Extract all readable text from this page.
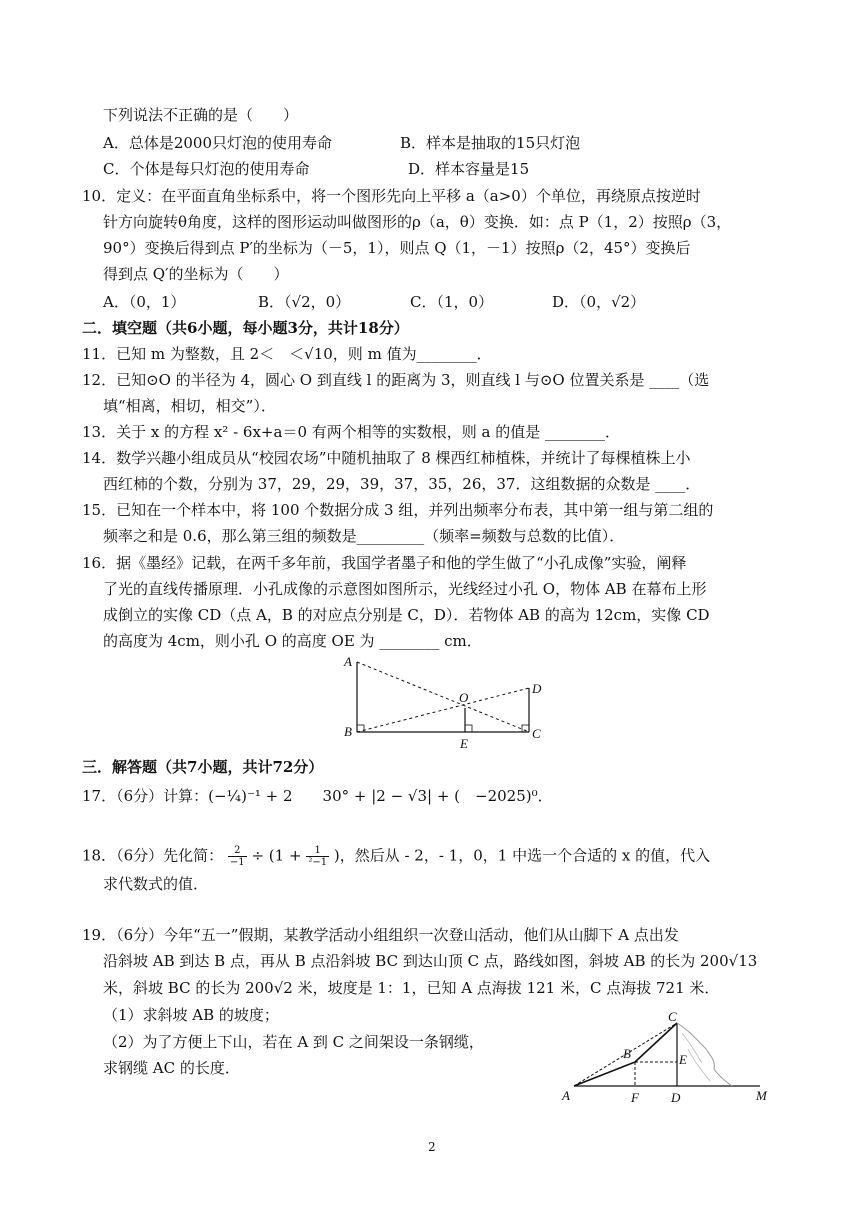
下列说法不正确的是（　　）
A．总体是2000只灯泡的使用寿命	B．样本是抽取的15只灯泡
C．个体是每只灯泡的使用寿命	D．样本容量是15
10．定义：在平面直角坐标系中，将一个图形先向上平移 a（a>0）个单位，再绕原点按逆时
针方向旋转θ角度，这样的图形运动叫做图形的ρ（a，θ）变换．如：点 P（1，2）按照ρ（3，
90°）变换后得到点 P′的坐标为（－5，1），则点 Q（1，－1）按照ρ（2，45°）变换后
得到点 Q′的坐标为（　　）
A．（0，1）	B．（√2，0）	C．（1，0）	D．（0，√2）
二．填空题（共6小题，每小题3分，共计18分）
11．已知 m 为整数，且 2＜　＜√10，则 m 值为________．
12．已知⊙O 的半径为 4，圆心 O 到直线 l 的距离为 3，则直线 l 与⊙O 位置关系是 ____（选
填“相离，相切，相交”）．
13．关于 x 的方程 x² - 6x+a＝0 有两个相等的实数根，则 a 的值是 ________．
14．数学兴趣小组成员从“校园农场”中随机抽取了 8 棵西红柿植株，并统计了每棵植株上小
西红柿的个数，分别为 37，29，29，39，37，35，26，37．这组数据的众数是 ____．
15．已知在一个样本中，将 100 个数据分成 3 组，并列出频率分布表，其中第一组与第二组的
频率之和是 0.6，那么第三组的频数是_________（频率=频数与总数的比值）．
16．据《墨经》记载，在两千多年前，我国学者墨子和他的学生做了“小孔成像”实验，阐释
了光的直线传播原理．小孔成像的示意图如图所示，光线经过小孔 O，物体 AB 在幕布上形
成倒立的实像 CD（点 A，B 的对应点分别是 C，D）．若物体 AB 的高为 12cm，实像 CD
的高度为 4cm，则小孔 O 的高度 OE 为 ________ cm．
A
B	C
D
E
O
三．解答题（共7小题，共计72分）
17．（6分）计算：(−¼)⁻¹ + 2　　30° + |2 − √3| + (　−2025)⁰．
18．（6分）先化简： $\frac{2}{-1} \div (1 + \frac{1}{\text{²−1}}$ )，然后从 - 2，- 1，0，1 中选一个合适的 x 的值，代入
求代数式的值．
19．（6分）今年“五一”假期，某教学活动小组组织一次登山活动，他们从山脚下 A 点出发
沿斜坡 AB 到达 B 点，再从 B 点沿斜坡 BC 到达山顶 C 点，路线如图，斜坡 AB 的长为 200√13
米，斜坡 BC 的长为 200√2 米，坡度是 1：1，已知 A 点海拔 121 米，C 点海拔 721 米．
（1）求斜坡 AB 的坡度；
（2）为了方便上下山，若在 A 到 C 之间架设一条钢缆，
求钢缆 AC 的长度．
A
B
C
D
E
F	M
2
